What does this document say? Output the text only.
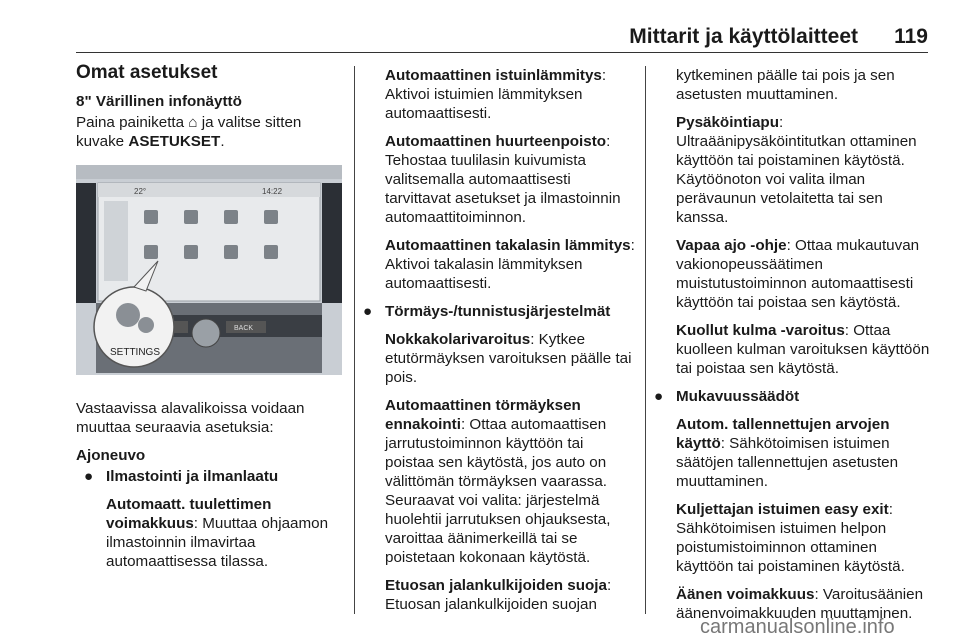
Mittarit ja käyttölaitteet 119
Omat asetukset
8" Värillinen infonäyttö

Paina painiketta ⌂ ja valitse sitten kuvake ASETUKSET.

22°	14:22
BACK
SETTINGS

Vastaavissa alavalikoissa voidaan muuttaa seuraavia asetuksia:

Ajoneuvo
● Ilmastointi ja ilmanlaatu

Automaatt. tuulettimen voimakkuus: Muuttaa ohjaamon ilmastoinnin ilmavirtaa automaattisessa tilassa.

Automaattinen istuinlämmitys: Aktivoi istuimien lämmityksen automaattisesti.

Automaattinen huurteenpoisto: Tehostaa tuulilasin kuivumista valitsemalla automaattisesti tarvittavat asetukset ja ilmastoinnin automaattitoiminnon.

Automaattinen takalasin lämmitys: Aktivoi takalasin lämmityksen automaattisesti.

● Törmäys-/tunnistusjärjestelmät

Nokkakolarivaroitus: Kytkee etutörmäyksen varoituksen päälle tai pois.

Automaattinen törmäyksen ennakointi: Ottaa automaattisen jarrutustoiminnon käyttöön tai poistaa sen käytöstä, jos auto on välittömän törmäyksen vaarassa. Seuraavat voi valita: järjestelmä huolehtii jarrutuksen ohjauksesta, varoittaa äänimerkeillä tai se poistetaan kokonaan käytöstä.

Etuosan jalankulkijoiden suoja: Etuosan jalankulkijoiden suojan

kytkeminen päälle tai pois ja sen asetusten muuttaminen.

Pysäköintiapu: Ultraäänipysäköintitutkan ottaminen käyttöön tai poistaminen käytöstä. Käytöönoton voi valita ilman perävaunun vetolaitetta tai sen kanssa.

Vapaa ajo -ohje: Ottaa mukautuvan vakionopeussäätimen muistutustoiminnon automaattisesti käyttöön tai poistaa sen käytöstä.

Kuollut kulma -varoitus: Ottaa kuolleen kulman varoituksen käyttöön tai poistaa sen käytöstä.

● Mukavuussäädöt

Autom. tallennettujen arvojen käyttö: Sähkötoimisen istuimen säätöjen tallennettujen asetusten muuttaminen.

Kuljettajan istuimen easy exit: Sähkötoimisen istuimen helpon poistumistoiminnon ottaminen käyttöön tai poistaminen käytöstä.

Äänen voimakkuus: Varoitusäänien äänenvoimakkuuden muuttaminen.

carmanualsonline.info
